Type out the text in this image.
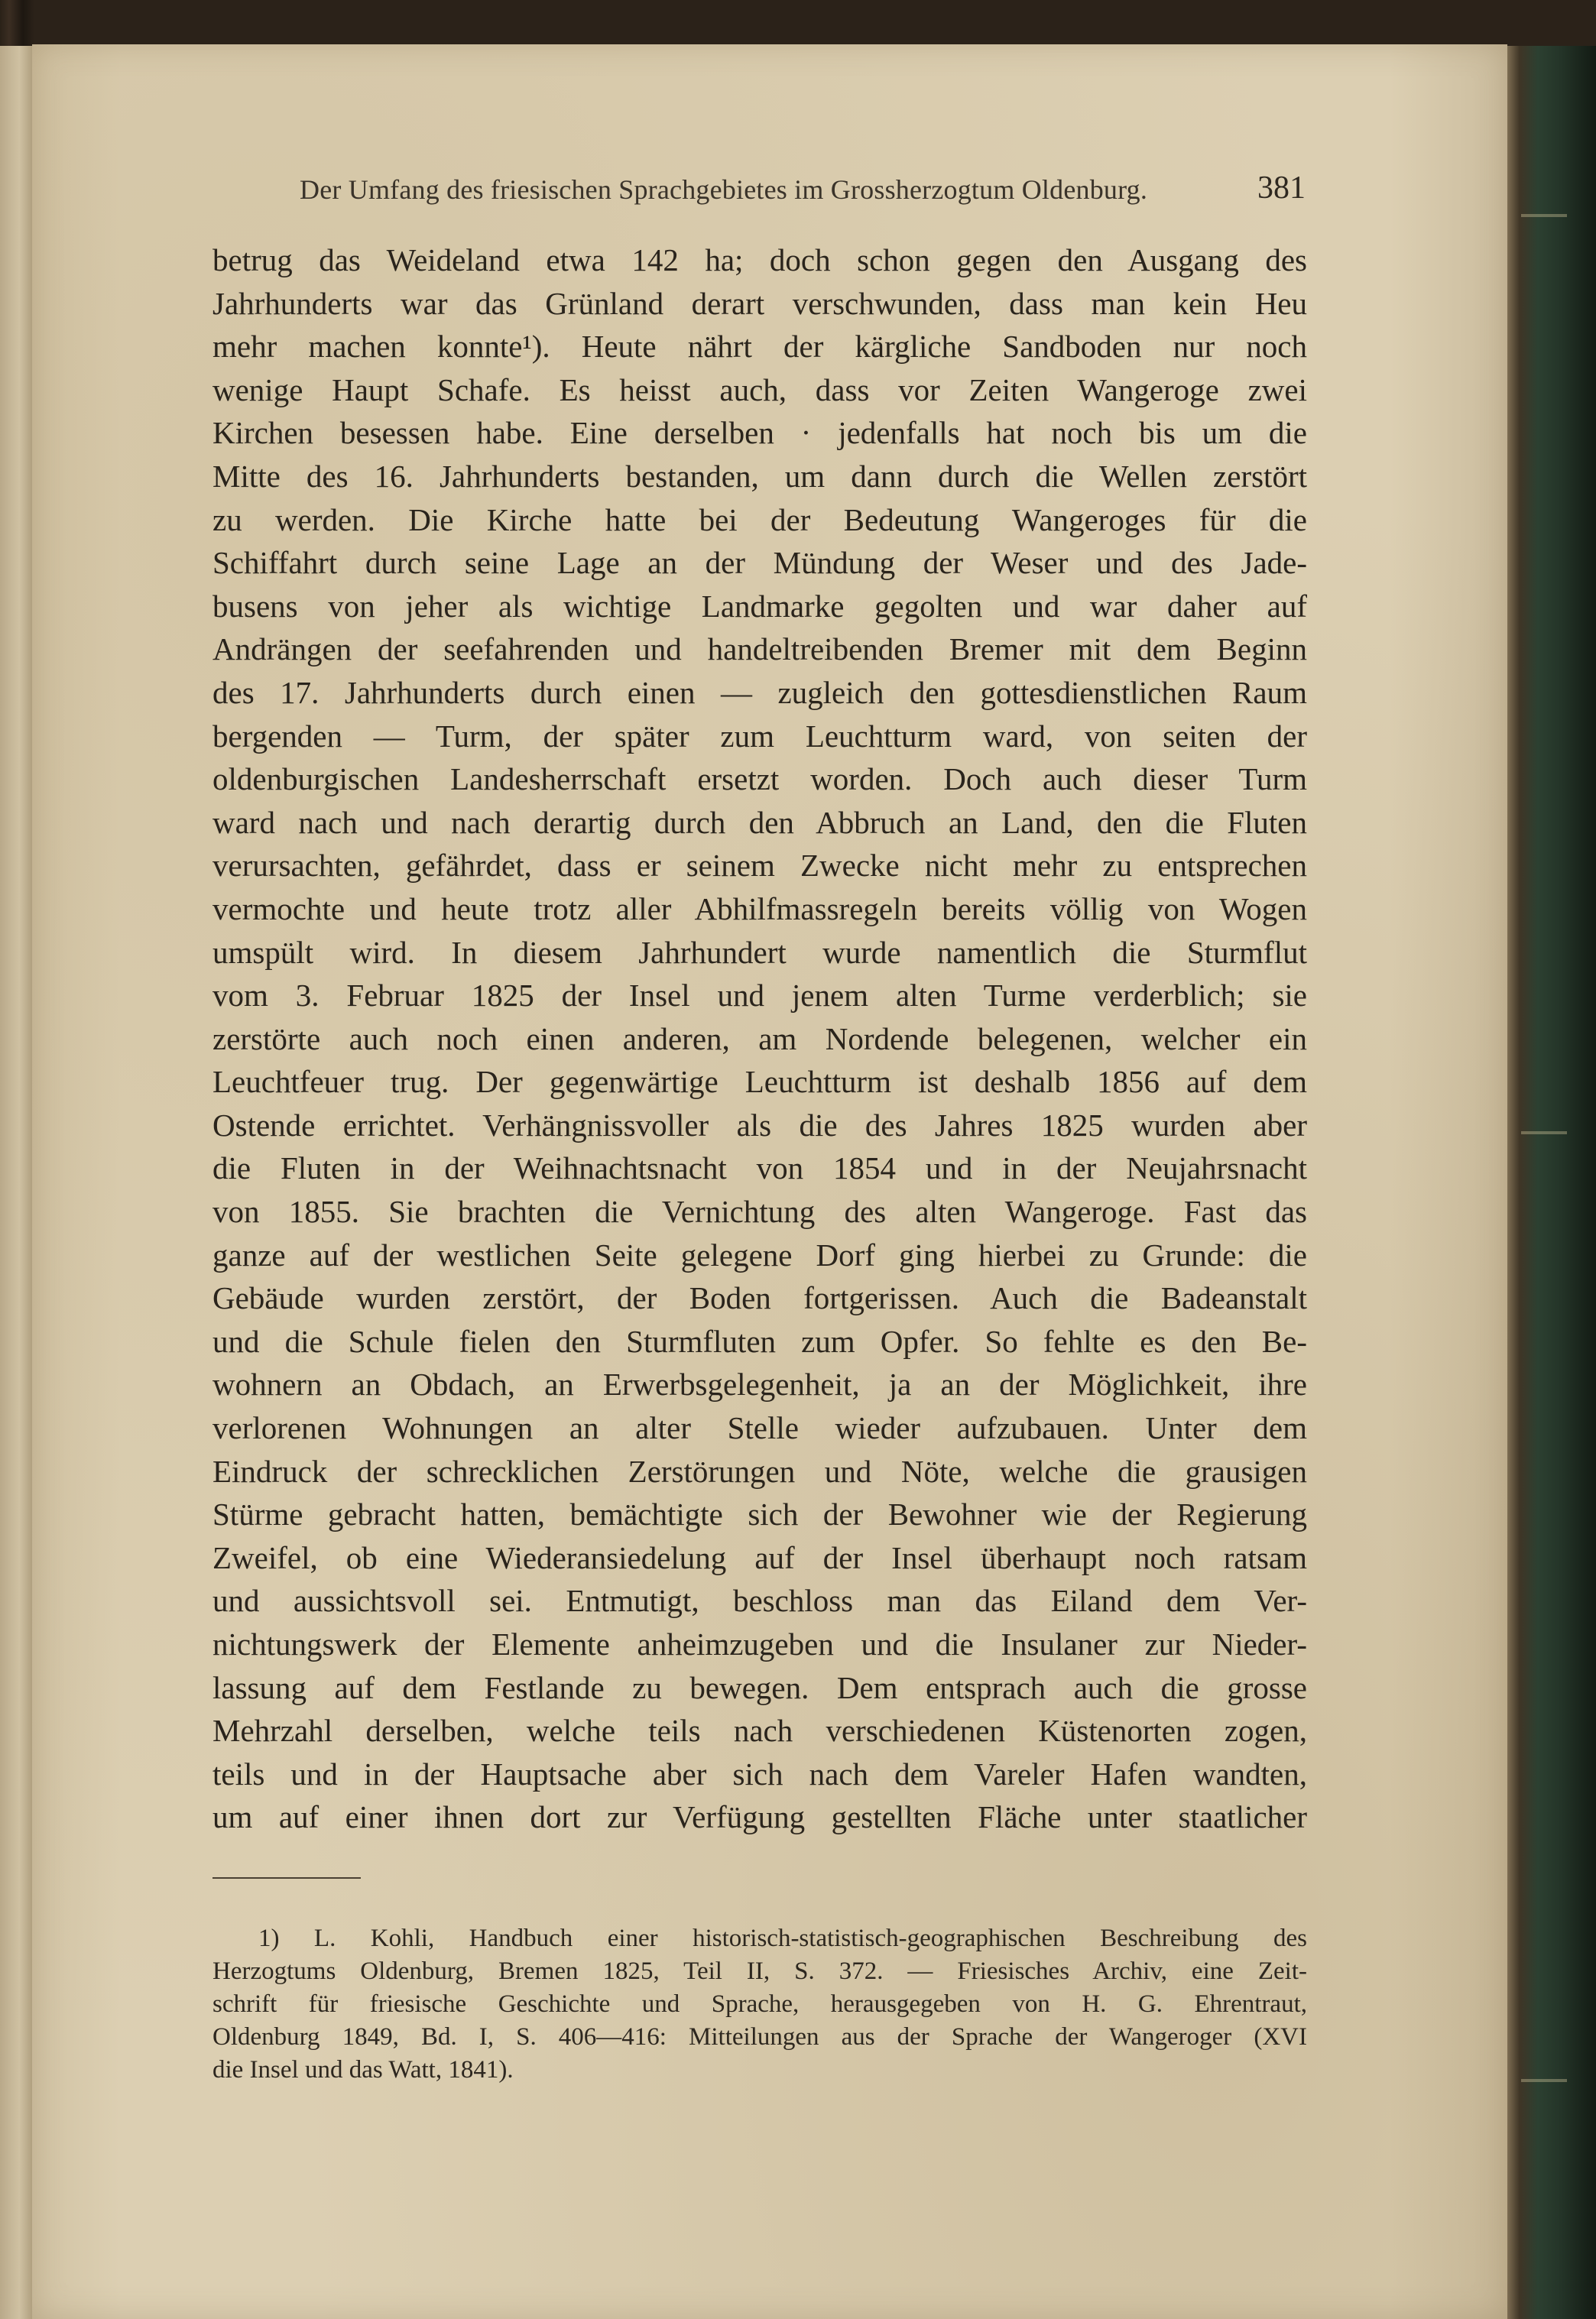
Der Umfang des friesischen Sprachgebietes im Grossherzogtum Oldenburg.	381
betrug das Weideland etwa 142 ha; doch schon gegen den Ausgang des
Jahrhunderts war das Grünland derart verschwunden, dass man kein Heu
mehr machen konnte¹). Heute nährt der kärgliche Sandboden nur noch
wenige Haupt Schafe. Es heisst auch, dass vor Zeiten Wangeroge zwei
Kirchen besessen habe. Eine derselben · jedenfalls hat noch bis um die
Mitte des 16. Jahrhunderts bestanden, um dann durch die Wellen zerstört
zu werden. Die Kirche hatte bei der Bedeutung Wangeroges für die
Schiffahrt durch seine Lage an der Mündung der Weser und des Jade-
busens von jeher als wichtige Landmarke gegolten und war daher auf
Andrängen der seefahrenden und handeltreibenden Bremer mit dem Beginn
des 17. Jahrhunderts durch einen — zugleich den gottesdienstlichen Raum
bergenden — Turm, der später zum Leuchtturm ward, von seiten der
oldenburgischen Landesherrschaft ersetzt worden. Doch auch dieser Turm
ward nach und nach derartig durch den Abbruch an Land, den die Fluten
verursachten, gefährdet, dass er seinem Zwecke nicht mehr zu entsprechen
vermochte und heute trotz aller Abhilfmassregeln bereits völlig von Wogen
umspült wird. In diesem Jahrhundert wurde namentlich die Sturmflut
vom 3. Februar 1825 der Insel und jenem alten Turme verderblich; sie
zerstörte auch noch einen anderen, am Nordende belegenen, welcher ein
Leuchtfeuer trug. Der gegenwärtige Leuchtturm ist deshalb 1856 auf dem
Ostende errichtet. Verhängnissvoller als die des Jahres 1825 wurden aber
die Fluten in der Weihnachtsnacht von 1854 und in der Neujahrsnacht
von 1855. Sie brachten die Vernichtung des alten Wangeroge. Fast das
ganze auf der westlichen Seite gelegene Dorf ging hierbei zu Grunde: die
Gebäude wurden zerstört, der Boden fortgerissen. Auch die Badeanstalt
und die Schule fielen den Sturmfluten zum Opfer. So fehlte es den Be-
wohnern an Obdach, an Erwerbsgelegenheit, ja an der Möglichkeit, ihre
verlorenen Wohnungen an alter Stelle wieder aufzubauen. Unter dem
Eindruck der schrecklichen Zerstörungen und Nöte, welche die grausigen
Stürme gebracht hatten, bemächtigte sich der Bewohner wie der Regierung
Zweifel, ob eine Wiederansiedelung auf der Insel überhaupt noch ratsam
und aussichtsvoll sei. Entmutigt, beschloss man das Eiland dem Ver-
nichtungswerk der Elemente anheimzugeben und die Insulaner zur Nieder-
lassung auf dem Festlande zu bewegen. Dem entsprach auch die grosse
Mehrzahl derselben, welche teils nach verschiedenen Küstenorten zogen,
teils und in der Hauptsache aber sich nach dem Vareler Hafen wandten,
um auf einer ihnen dort zur Verfügung gestellten Fläche unter staatlicher
1) L. Kohli, Handbuch einer historisch-statistisch-geographischen Beschreibung des
Herzogtums Oldenburg, Bremen 1825, Teil II, S. 372. — Friesisches Archiv, eine Zeit-
schrift für friesische Geschichte und Sprache, herausgegeben von H. G. Ehrentraut,
Oldenburg 1849, Bd. I, S. 406—416: Mitteilungen aus der Sprache der Wangeroger (XVI
die Insel und das Watt, 1841).
